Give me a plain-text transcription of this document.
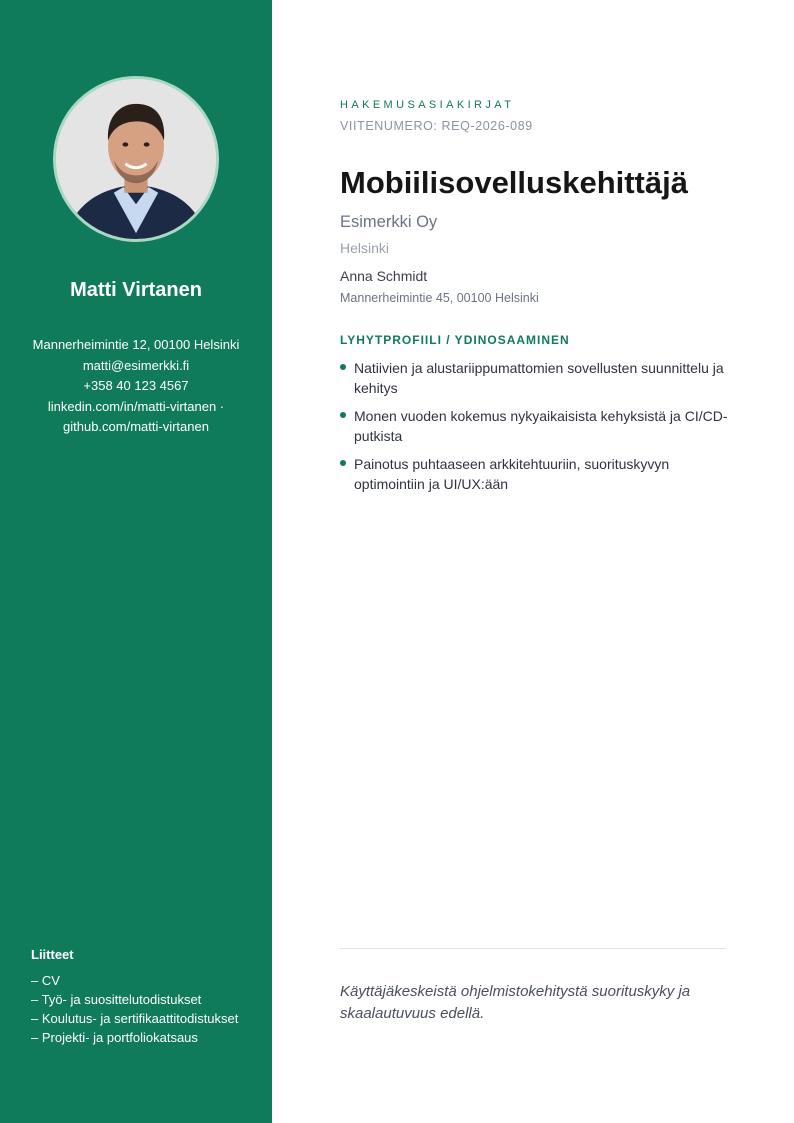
Matti Virtanen
Mannerheimintie 12, 00100 Helsinki
matti@esimerkki.fi
+358 40 123 4567
linkedin.com/in/matti-virtanen ·
github.com/matti-virtanen
Liitteet
– CV
– Työ- ja suosittelutodistukset
– Koulutus- ja sertifikaattitodistukset
– Projekti- ja portfoliokatsaus
HAKEMUSASIAKIRJAT
VIITENUMERO: REQ-2026-089
Mobiilisovelluskehittäjä
Esimerkki Oy
Helsinki
Anna Schmidt
Mannerheimintie 45, 00100 Helsinki
LYHYTPROFIILI / YDINOSAAMINEN
Natiivien ja alustariippumattomien sovellusten suunnittelu ja kehitys
Monen vuoden kokemus nykyaikaisista kehyksistä ja CI/CD-putkista
Painotus puhtaaseen arkkitehtuuriin, suorituskyvyn optimointiin ja UI/UX:ään
Käyttäjäkeskeistä ohjelmistokehitystä suorituskyky ja skaalautuvuus edellä.
